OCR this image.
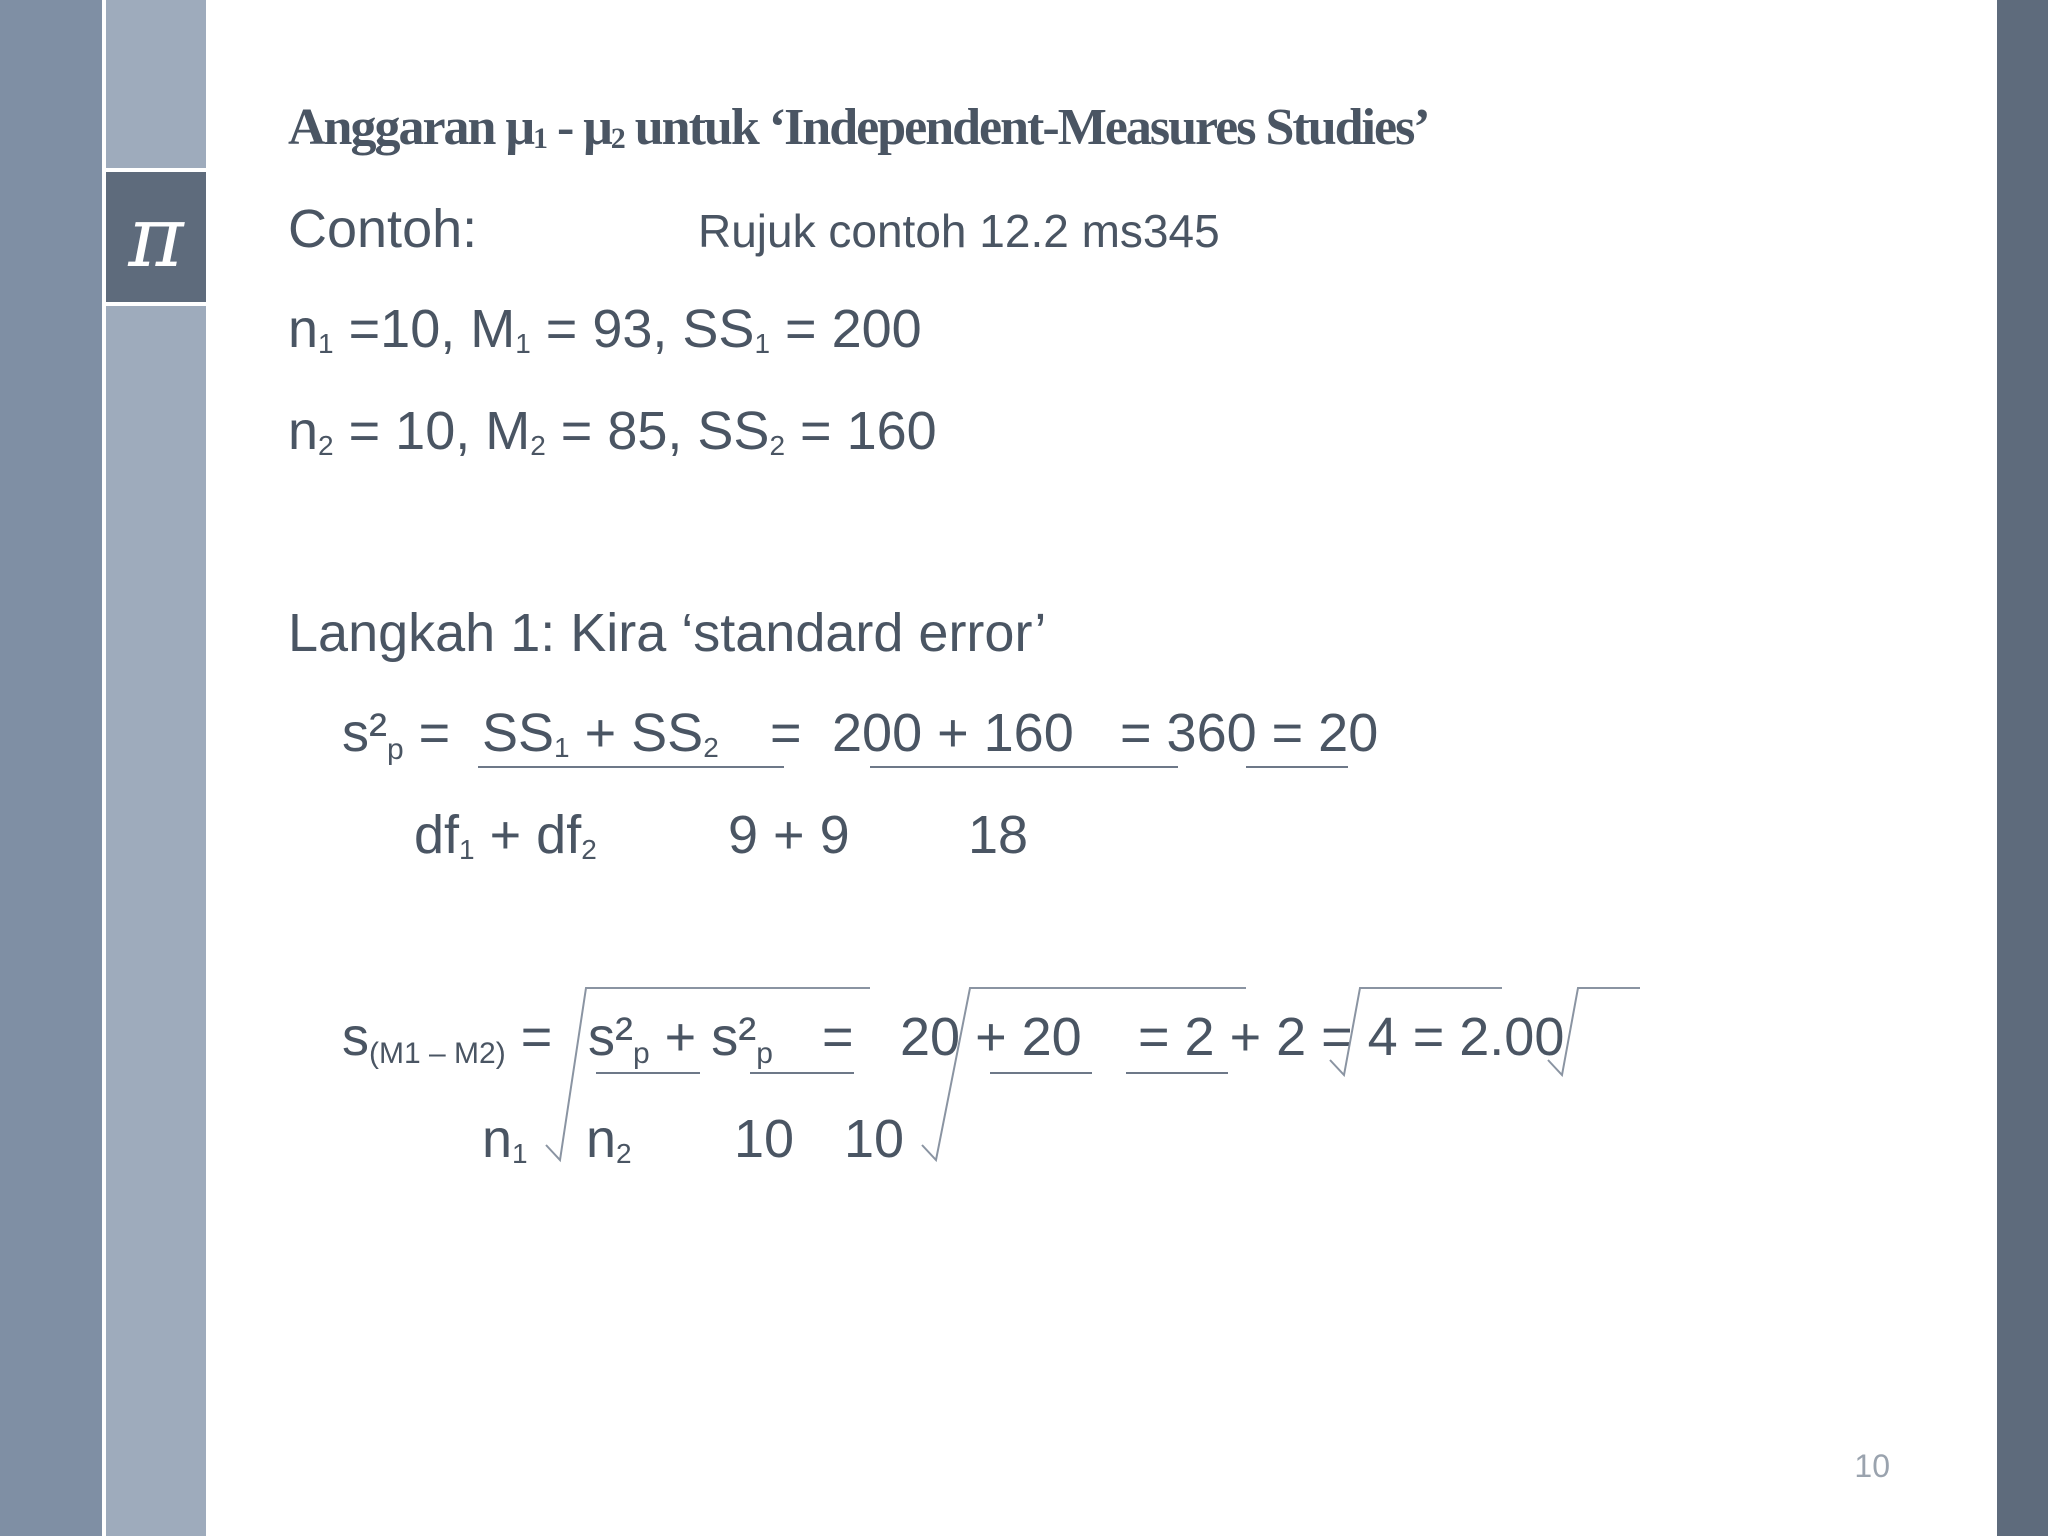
π
Anggaran $\mu_1 - \mu_2$ untuk ‘Independent-Measures Studies’
Contoh:	Rujuk contoh 12.2 ms345
$n_1 =10$, $M_1 = 93$, $SS_1 = 200$
$n_2 = 10$, $M_2 = 85$, $SS_2 = 160$
Langkah 1: Kira ‘standard error’
$s^2_p = SS_1 + SS_2 = 200 + 160 = 360 = 20$
$df_1 + df_2$ 9 + 9 18
$s_{(M1 - M2)} = s^2_p + s^2_p = 20 + 20 = 2 + 2 = 4 = 2.00$
$n_1$ $n_2$ 10 10
10
